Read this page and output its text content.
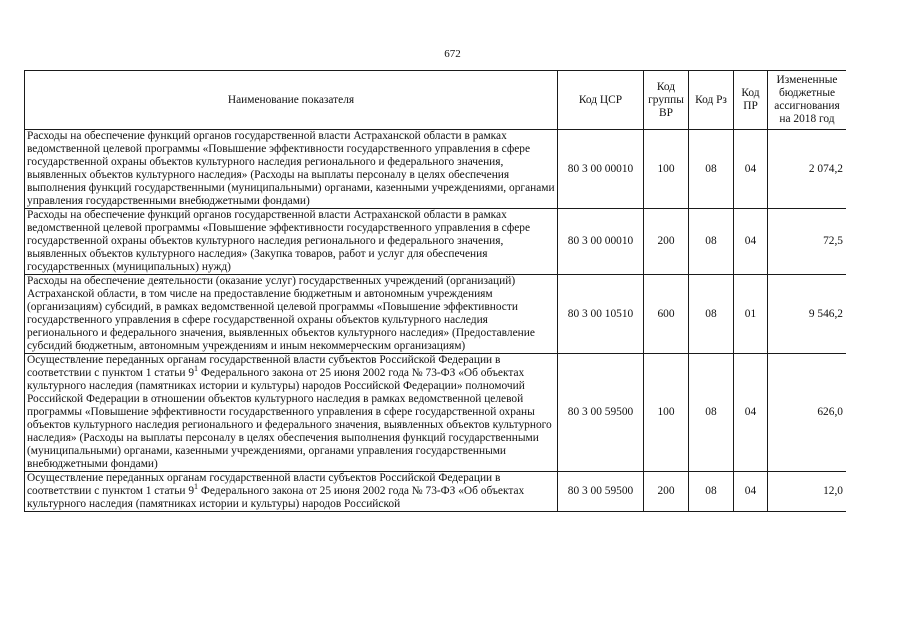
672
Наименование показателя	Код ЦСР	Код группы ВР	Код Рз	Код ПР	Измененные бюджетные ассигнования на 2018 год
Расходы на обеспечение функций органов государственной власти Астраханской области в рамках ведомственной целевой программы «Повышение эффективности государственного управления в сфере государственной охраны объектов культурного наследия регионального и федерального значения, выявленных объектов культурного наследия» (Расходы на выплаты персоналу в целях обеспечения выполнения функций государственными (муниципальными) органами, казенными учреждениями, органами управления государственными внебюджетными фондами)	80 3 00 00010	100	08	04	2 074,2
Расходы на обеспечение функций органов государственной власти Астраханской области в рамках ведомственной целевой программы «Повышение эффективности государственного управления в сфере государственной охраны объектов культурного наследия регионального и федерального значения, выявленных объектов культурного наследия» (Закупка товаров, работ и услуг для обеспечения государственных (муниципальных) нужд)	80 3 00 00010	200	08	04	72,5
Расходы на обеспечение деятельности (оказание услуг) государственных учреждений (организаций) Астраханской области, в том числе на предоставление бюджетным и автономным учреждениям (организациям) субсидий, в рамках ведомственной целевой программы «Повышение эффективности государственного управления в сфере государственной охраны объектов культурного наследия регионального и федерального значения, выявленных объектов культурного наследия» (Предоставление субсидий бюджетным, автономным учреждениям и иным некоммерческим организациям)	80 3 00 10510	600	08	01	9 546,2
Осуществление переданных органам государственной власти субъектов Российской Федерации в соответствии с пунктом 1 статьи $9^1$ Федерального закона от 25 июня 2002 года № 73-ФЗ «Об объектах культурного наследия (памятниках истории и культуры) народов Российской Федерации» полномочий Российской Федерации в отношении объектов культурного наследия в рамках ведомственной целевой программы «Повышение эффективности государственного управления в сфере государственной охраны объектов культурного наследия регионального и федерального значения, выявленных объектов культурного наследия» (Расходы на выплаты персоналу в целях обеспечения выполнения функций государственными (муниципальными) органами, казенными учреждениями, органами управления государственными внебюджетными фондами)	80 3 00 59500	100	08	04	626,0
Осуществление переданных органам государственной власти субъектов Российской Федерации в соответствии с пунктом 1 статьи $9^1$ Федерального закона от 25 июня 2002 года № 73-ФЗ «Об объектах культурного наследия (памятниках истории и культуры) народов Российской	80 3 00 59500	200	08	04	12,0
